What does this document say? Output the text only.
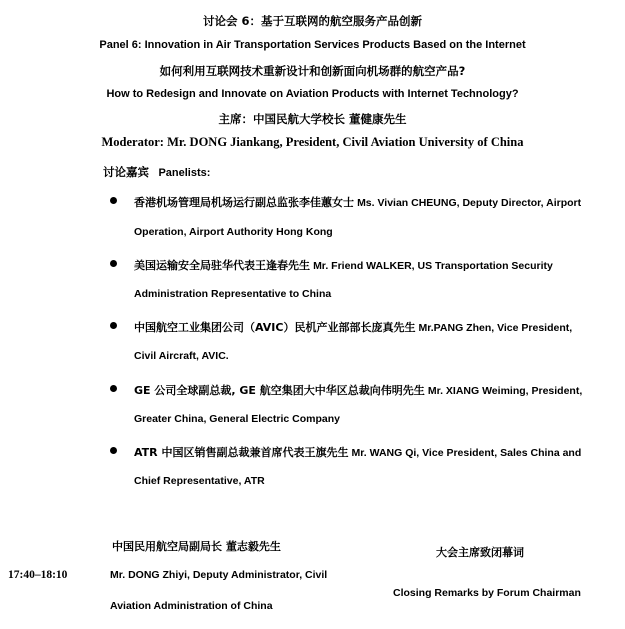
讨论会 6：基于互联网的航空服务产品创新
Panel 6: Innovation in Air Transportation Services Products Based on the Internet
如何利用互联网技术重新设计和创新面向机场群的航空产品?
How to Redesign and Innovate on Aviation Products with Internet Technology?
主席：中国民航大学校长 董健康先生
Moderator: Mr. DONG Jiankang, President, Civil Aviation University of China
讨论嘉宾 Panelists:
香港机场管理局机场运行副总监张李佳蕙女士 Ms. Vivian CHEUNG, Deputy Director, Airport
Operation, Airport Authority Hong Kong
美国运输安全局驻华代表王逢春先生 Mr. Friend WALKER, US Transportation Security
Administration Representative to China
中国航空工业集团公司（AVIC）民机产业部部长庞真先生 Mr.PANG Zhen, Vice President,
Civil Aircraft, AVIC.
GE 公司全球副总裁, GE 航空集团大中华区总裁向伟明先生 Mr. XIANG Weiming, President,
Greater China, General Electric Company
ATR 中国区销售副总裁兼首席代表王旗先生 Mr. WANG Qi, Vice President, Sales China and
Chief Representative, ATR
17:40–18:10
中国民用航空局副局长 董志毅先生
Mr. DONG Zhiyi, Deputy Administrator, Civil
Aviation Administration of China
大会主席致闭幕词
Closing Remarks by Forum Chairman
